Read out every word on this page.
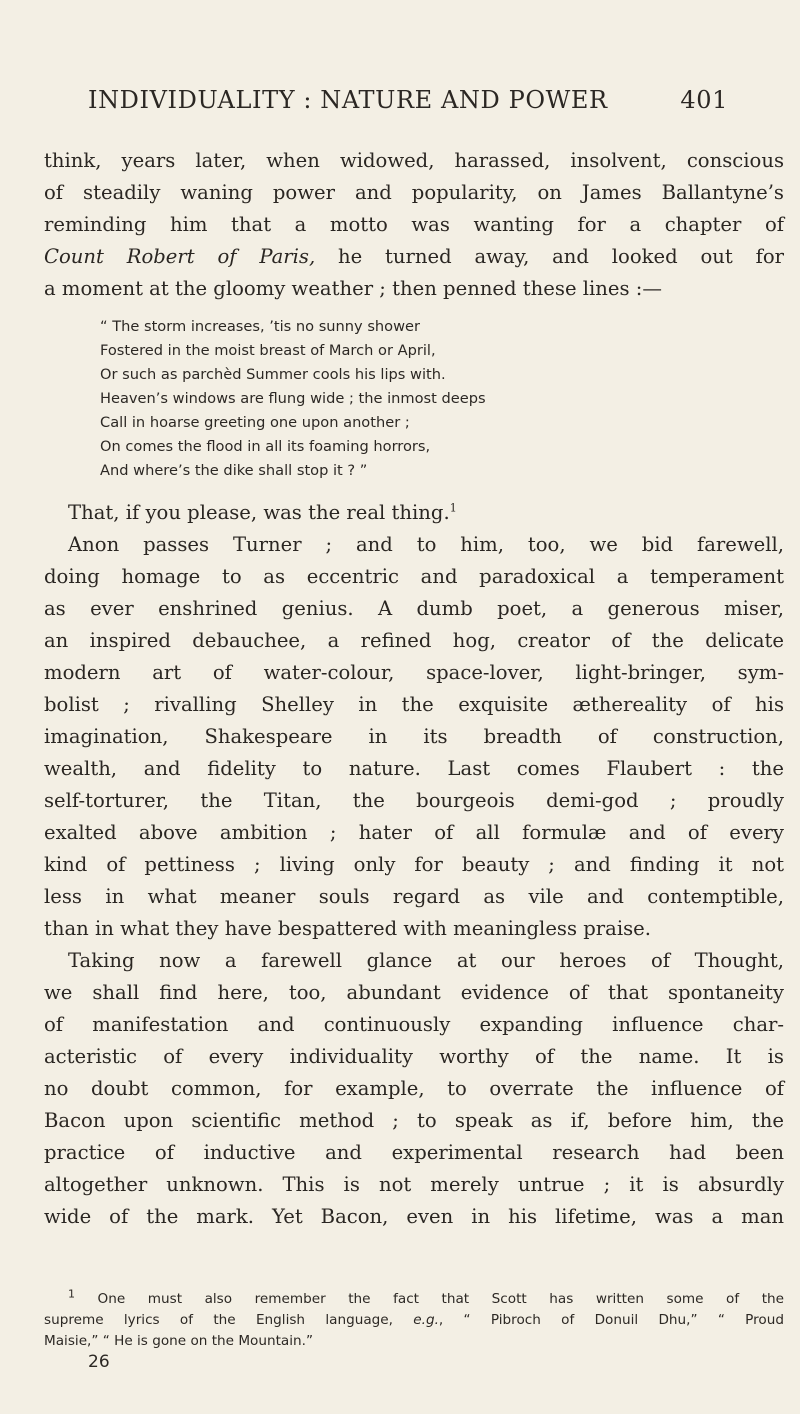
INDIVIDUALITY : NATURE AND POWER	401
think, years later, when widowed, harassed, insolvent, conscious
of steadily waning power and popularity, on James Ballantyne’s
reminding him that a motto was wanting for a chapter of
Count Robert of Paris, he turned away, and looked out for
a moment at the gloomy weather ; then penned these lines :—
“ The storm increases, ’tis no sunny shower
Fostered in the moist breast of March or April,
Or such as parchèd Summer cools his lips with.
Heaven’s windows are flung wide ; the inmost deeps
Call in hoarse greeting one upon another ;
On comes the flood in all its foaming horrors,
And where’s the dike shall stop it ? ”
That, if you please, was the real thing.$^1$
Anon passes Turner ; and to him, too, we bid farewell,
doing homage to as eccentric and paradoxical a temperament
as ever enshrined genius. A dumb poet, a generous miser,
an inspired debauchee, a refined hog, creator of the delicate
modern art of water-colour, space-lover, light-bringer, sym-
bolist ; rivalling Shelley in the exquisite æthereality of his
imagination, Shakespeare in its breadth of construction,
wealth, and fidelity to nature. Last comes Flaubert : the
self-torturer, the Titan, the bourgeois demi-god ; proudly
exalted above ambition ; hater of all formulæ and of every
kind of pettiness ; living only for beauty ; and finding it not
less in what meaner souls regard as vile and contemptible,
than in what they have bespattered with meaningless praise.
Taking now a farewell glance at our heroes of Thought,
we shall find here, too, abundant evidence of that spontaneity
of manifestation and continuously expanding influence char-
acteristic of every individuality worthy of the name. It is
no doubt common, for example, to overrate the influence of
Bacon upon scientific method ; to speak as if, before him, the
practice of inductive and experimental research had been
altogether unknown. This is not merely untrue ; it is absurdly
wide of the mark. Yet Bacon, even in his lifetime, was a man
$^1$ One must also remember the fact that Scott has written some of the
supreme lyrics of the English language, e.g., “ Pibroch of Donuil Dhu,” “ Proud
Maisie,” “ He is gone on the Mountain.”
26
